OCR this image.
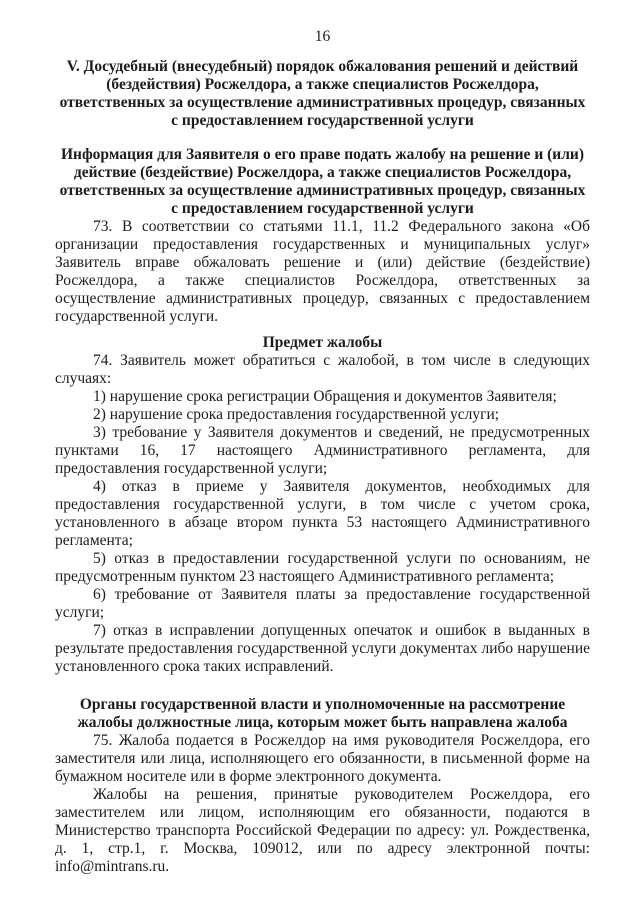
16
V. Досудебный (внесудебный) порядок обжалования решений и действий (бездействия) Росжелдора, а также специалистов Росжелдора, ответственных за осуществление административных процедур, связанных с предоставлением государственной услуги
Информация для Заявителя о его праве подать жалобу на решение и (или) действие (бездействие) Росжелдора, а также специалистов Росжелдора, ответственных за осуществление административных процедур, связанных с предоставлением государственной услуги

73. В соответствии со статьями 11.1, 11.2 Федерального закона «Об организации предоставления государственных и муниципальных услуг» Заявитель вправе обжаловать решение и (или) действие (бездействие) Росжелдора, а также специалистов Росжелдора, ответственных за осуществление административных процедур, связанных с предоставлением государственной услуги.

Предмет жалобы

74. Заявитель может обратиться с жалобой, в том числе в следующих случаях:

1) нарушение срока регистрации Обращения и документов Заявителя;

2) нарушение срока предоставления государственной услуги;

3) требование у Заявителя документов и сведений, не предусмотренных пунктами 16, 17 настоящего Административного регламента, для предоставления государственной услуги;

4) отказ в приеме у Заявителя документов, необходимых для предоставления государственной услуги, в том числе с учетом срока, установленного в абзаце втором пункта 53 настоящего Административного регламента;

5) отказ в предоставлении государственной услуги по основаниям, не предусмотренным пунктом 23 настоящего Административного регламента;

6) требование от Заявителя платы за предоставление государственной услуги;

7) отказ в исправлении допущенных опечаток и ошибок в выданных в результате предоставления государственной услуги документах либо нарушение установленного срока таких исправлений.

Органы государственной власти и уполномоченные на рассмотрение жалобы должностные лица, которым может быть направлена жалоба

75. Жалоба подается в Росжелдор на имя руководителя Росжелдора, его заместителя или лица, исполняющего его обязанности, в письменной форме на бумажном носителе или в форме электронного документа.

Жалобы на решения, принятые руководителем Росжелдора, его заместителем или лицом, исполняющим его обязанности, подаются в Министерство транспорта Российской Федерации по адресу: ул. Рождественка, д. 1, стр.1, г. Москва, 109012, или по адресу электронной почты: info@mintrans.ru.
